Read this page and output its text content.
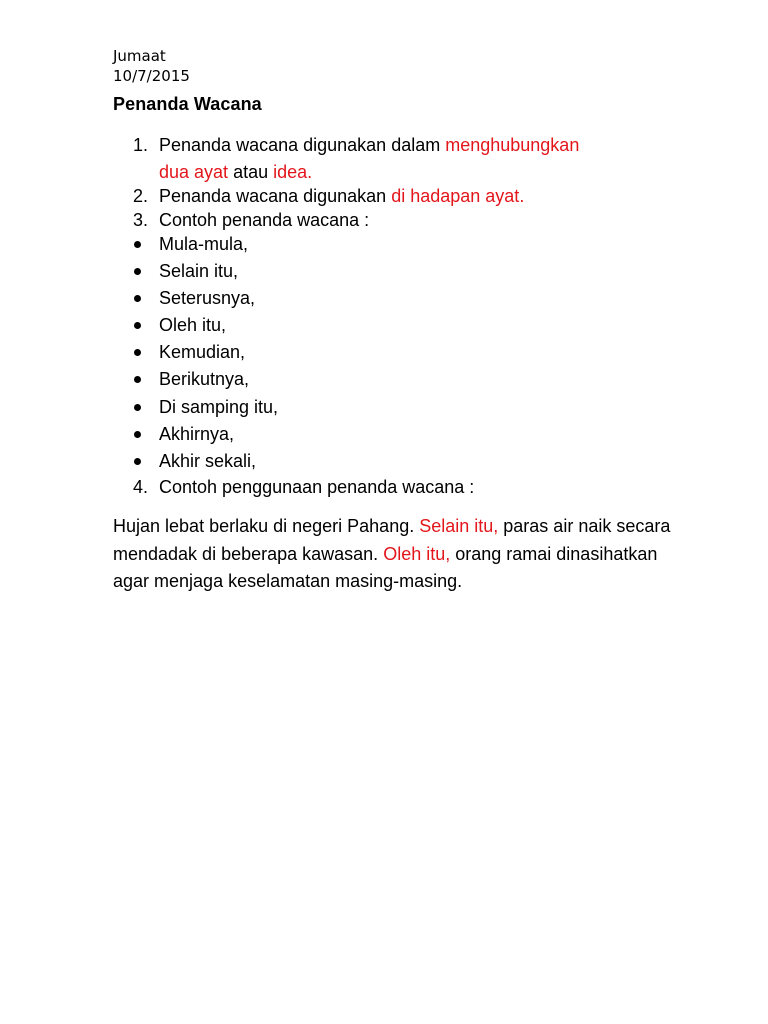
Jumaat
10/7/2015
Penanda Wacana
1. Penanda wacana digunakan dalam menghubungkan
dua ayat atau idea.
2. Penanda wacana digunakan di hadapan ayat.
3. Contoh penanda wacana :
Mula-mula,
Selain itu,
Seterusnya,
Oleh itu,
Kemudian,
Berikutnya,
Di samping itu,
Akhirnya,
Akhir sekali,
4. Contoh penggunaan penanda wacana :
Hujan lebat berlaku di negeri Pahang. Selain itu, paras air naik secara mendadak di beberapa kawasan. Oleh itu, orang ramai dinasihatkan agar menjaga keselamatan masing-masing.
